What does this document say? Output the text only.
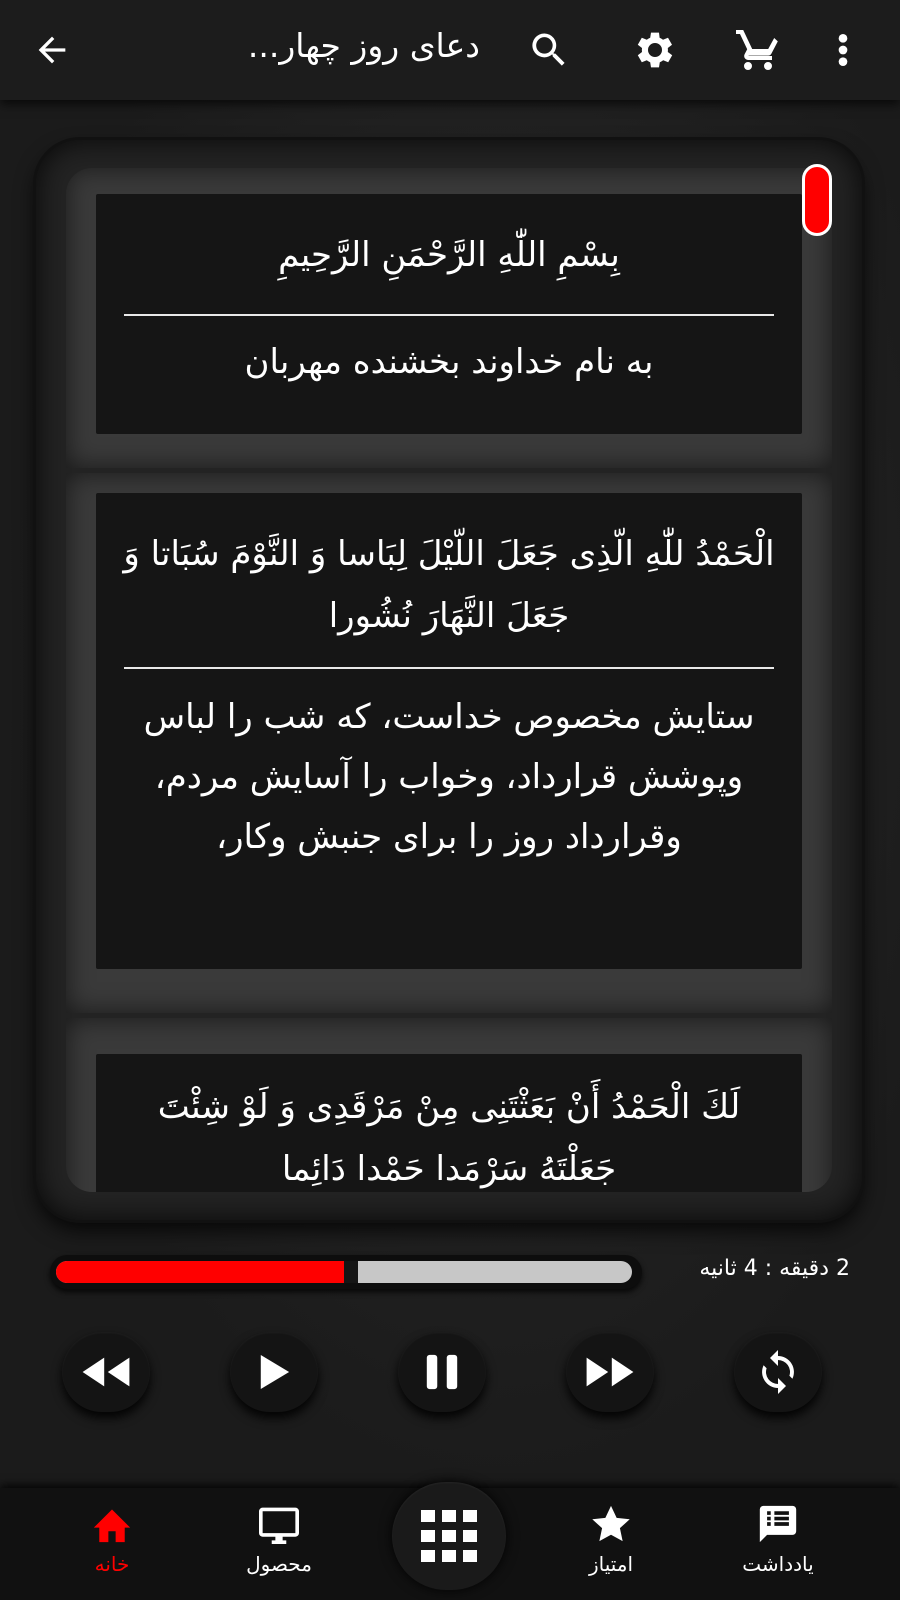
دعای روز چهار...
بِسْمِ اللّٰهِ الرَّحْمَنِ الرَّحِيمِ
به نام خداوند بخشنده مهربان
الْحَمْدُ للّٰهِ الّذِى جَعَلَ اللّيْلَ لِبَاسا وَ النَّوْمَ سُبَاتا وَ جَعَلَ النَّهَارَ نُشُورا
ستایش مخصوص خداست، كه شب را لباس وپوشش قرارداد، وخواب را آسايش مردم، وقرارداد روز را برای جنبش وكار،
لَكَ الْحَمْدُ أَنْ بَعَثْتَنِى مِنْ مَرْقَدِى وَ لَوْ شِئْتَ جَعَلْتَهُ سَرْمَدا حَمْدا دَائِما
2 دقیقه : 4 ثانیه
خانه	محصول	امتیاز	یادداشت
